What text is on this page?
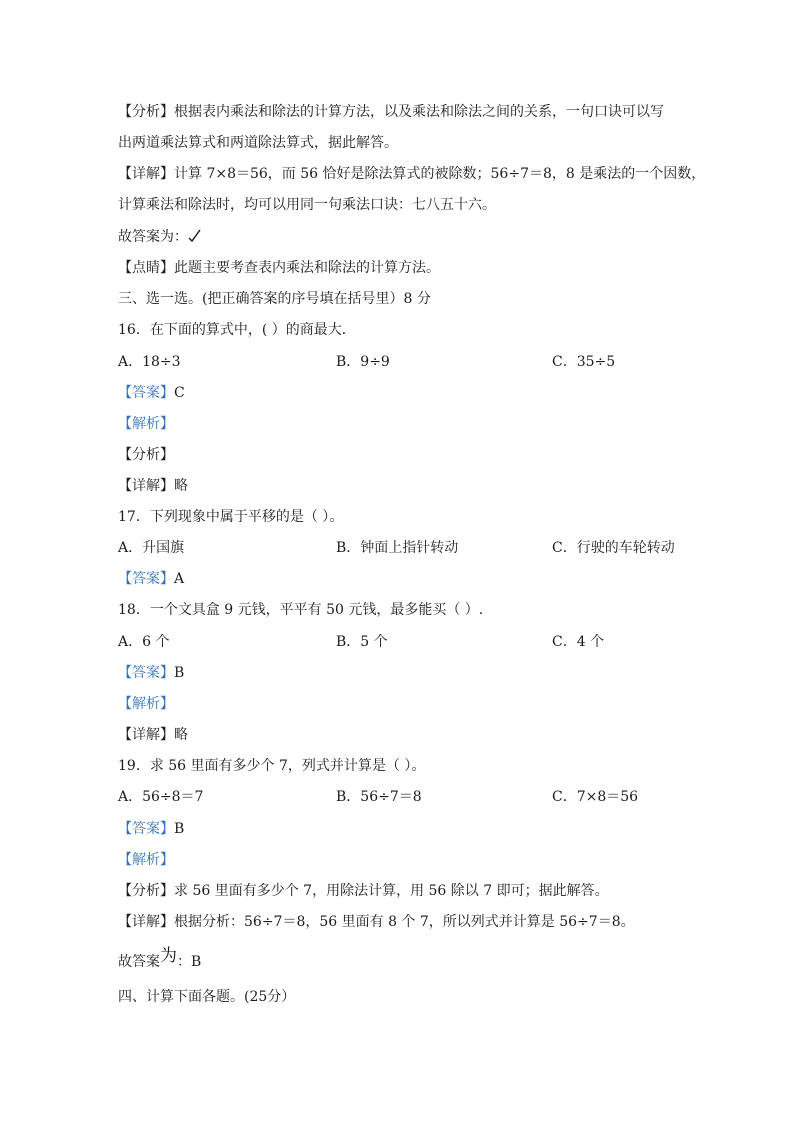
【分析】根据表内乘法和除法的计算方法，以及乘法和除法之间的关系，一句口诀可以写
出两道乘法算式和两道除法算式，据此解答。
【详解】计算 7×8＝56，而 56 恰好是除法算式的被除数；56÷7＝8，8 是乘法的一个因数，
计算乘法和除法时，均可以用同一句乘法口诀：七八五十六。
故答案为：
【点睛】此题主要考查表内乘法和除法的计算方法。
三、选一选。(把正确答案的序号填在括号里）8 分
16．在下面的算式中，( ）的商最大．
A．18÷3	B．9÷9	C．35÷5
【答案】C
【解析】
【分析】
【详解】略
17．下列现象中属于平移的是（ ）。
A．升国旗	B．钟面上指针转动	C．行驶的车轮转动
【答案】A
18．一个文具盒 9 元钱，平平有 50 元钱，最多能买（ ）.
A．6 个	B．5 个	C．4 个
【答案】B
【解析】
【详解】略
19．求 56 里面有多少个 7，列式并计算是（ ）。
A．56÷8＝7	B．56÷7＝8	C．7×8＝56
【答案】B
【解析】
【分析】求 56 里面有多少个 7，用除法计算，用 56 除以 7 即可；据此解答。
【详解】根据分析：56÷7＝8，56 里面有 8 个 7，所以列式并计算是 56÷7＝8。
故答案为：B
四、计算下面各题。(25分）
